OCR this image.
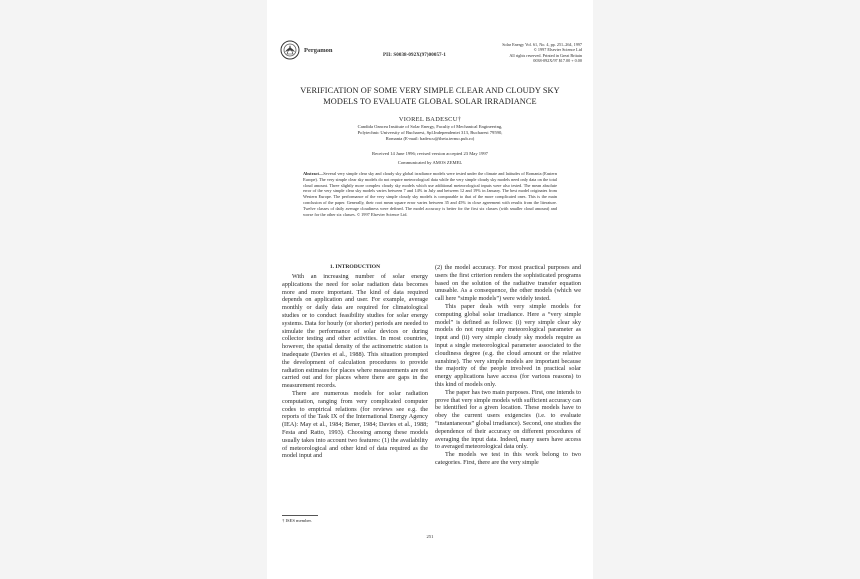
Pergamon
PII: S0038-092X(97)00057-1
Solar Energy Vol. 61, No. 4, pp. 251–264, 1997
© 1997 Elsevier Science Ltd
All rights reserved. Printed in Great Britain
0038-092X/97 $17.00 + 0.00
VERIFICATION OF SOME VERY SIMPLE CLEAR AND CLOUDY SKY MODELS TO EVALUATE GLOBAL SOLAR IRRADIANCE
VIOREL BADESCU†
Candida Oancea Institute of Solar Energy, Faculty of Mechanical Engineering,
Polytechnic University of Bucharest, Spl.Independentei 313, Bucharest 79590,
Romania (E-mail: badescu@theta.termo.pub.ro)
Received 14 June 1996; revised version accepted 23 May 1997
Communicated by AMOS ZEMEL
Abstract—Several very simple clear sky and cloudy sky global irradiance models were tested under the climate and latitudes of Romania (Eastern Europe). The very simple clear sky models do not require meteorological data while the very simple cloudy sky models need only data on the total cloud amount. Three slightly more complex cloudy sky models which use additional meteorological inputs were also tested. The mean absolute error of the very simple clear sky models varies between 7 and 14% in July and between 12 and 19% in January. The best model originates from Western Europe. The performance of the very simple cloudy sky models is comparable to that of the more complicated ones. This is the main conclusion of the paper. Generally, their root mean square error varies between 35 and 45% in close agreement with results from the literature. Twelve classes of daily average cloudiness were defined. The model accuracy is better for the first six classes (with smaller cloud amount) and worse for the other six classes. © 1997 Elsevier Science Ltd.
1. INTRODUCTION

With an increasing number of solar energy applications the need for solar radiation data becomes more and more important. The kind of data required depends on application and user. For example, average monthly or daily data are required for climatological studies or to conduct feasibility studies for solar energy systems. Data for hourly (or shorter) periods are needed to simulate the performance of solar devices or during collector testing and other activities. In most countries, however, the spatial density of the actinometric station is inadequate (Davies et al., 1988). This situation prompted the development of calculation procedures to provide radiation estimates for places where measurements are not carried out and for places where there are gaps in the measurement records.

There are numerous models for solar radiation computation, ranging from very complicated computer codes to empirical relations (for reviews see e.g. the reports of the Task IX of the International Energy Agency (IEA): May et al., 1984; Bener, 1984; Davies et al., 1988; Festa and Ratto, 1993). Choosing among these models usually takes into account two features: (1) the availability of meteorological and other kind of data required as the model input and

(2) the model accuracy. For most practical purposes and users the first criterion renders the sophisticated programs based on the solution of the radiative transfer equation unusable. As a consequence, the other models (which we call here “simple models”) were widely tested.

This paper deals with very simple models for computing global solar irradiance. Here a “very simple model” is defined as follows: (i) very simple clear sky models do not require any meteorological parameter as input and (ii) very simple cloudy sky models require as input a single meteorological parameter associated to the cloudiness degree (e.g. the cloud amount or the relative sunshine). The very simple models are important because the majority of the people involved in practical solar energy applications have access (for various reasons) to this kind of models only.

The paper has two main purposes. First, one intends to prove that very simple models with sufficient accuracy can be identified for a given location. These models have to obey the current users exigencies (i.e. to evaluate “instantaneous” global irradiance). Second, one studies the dependence of their accuracy on different procedures of averaging the input data. Indeed, many users have access to averaged meteorological data only.

The models we test in this work belong to two categories. First, there are the very simple

† ISES member.
251
